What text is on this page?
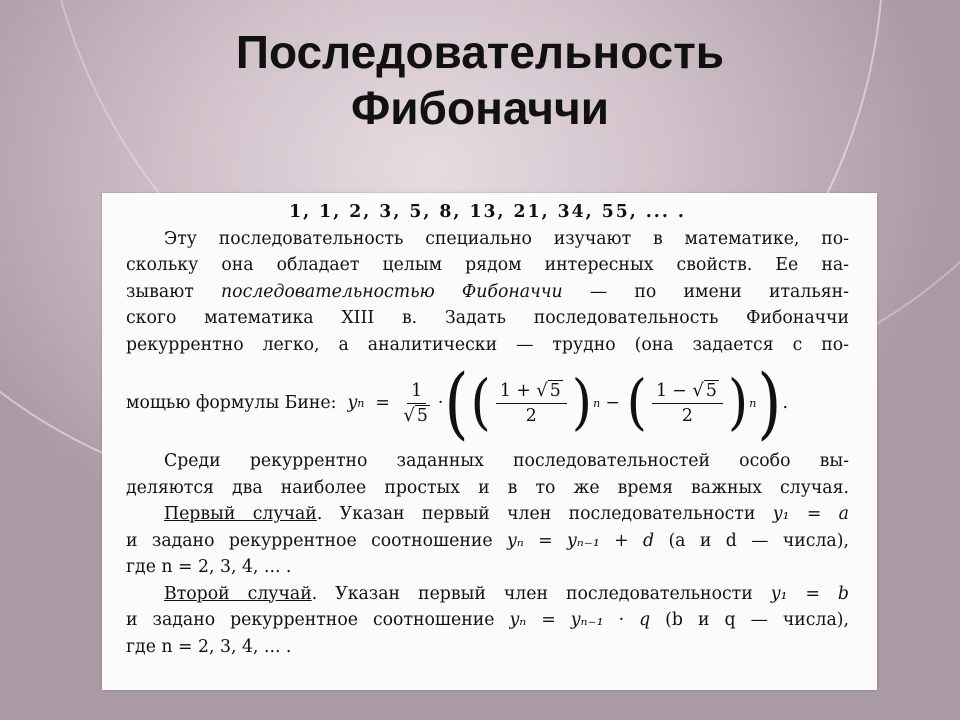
Последовательность
Фибоначчи
1, 1, 2, 3, 5, 8, 13, 21, 34, 55, ... .
Эту последовательность специально изучают в математике, по-
скольку она обладает целым рядом интересных свойств. Ее на-
зывают последовательностью Фибоначчи — по имени итальян-
ского математика XIII в. Задать последовательность Фибоначчи
рекуррентно легко, а аналитически — трудно (она задается с по-
мощью формулы Бине:
y n
=
$\frac{1}{√ 5}$ · ( ( $\frac{1 + √ 5}{2}$ ) n
−
( $\frac{1 - √ 5}{2}$ ) n ) .
Среди рекуррентно заданных последовательностей особо вы-
деляются два наиболее простых и в то же время важных случая.
Первый случай. Указан первый член последовательности y₁ = a
и задано рекуррентное соотношение yₙ = yₙ₋₁ + d (a и d — числа),
где n = 2, 3, 4, ... .
Второй случай. Указан первый член последовательности y₁ = b
и задано рекуррентное соотношение yₙ = yₙ₋₁ · q (b и q — числа),
где n = 2, 3, 4, ... .
